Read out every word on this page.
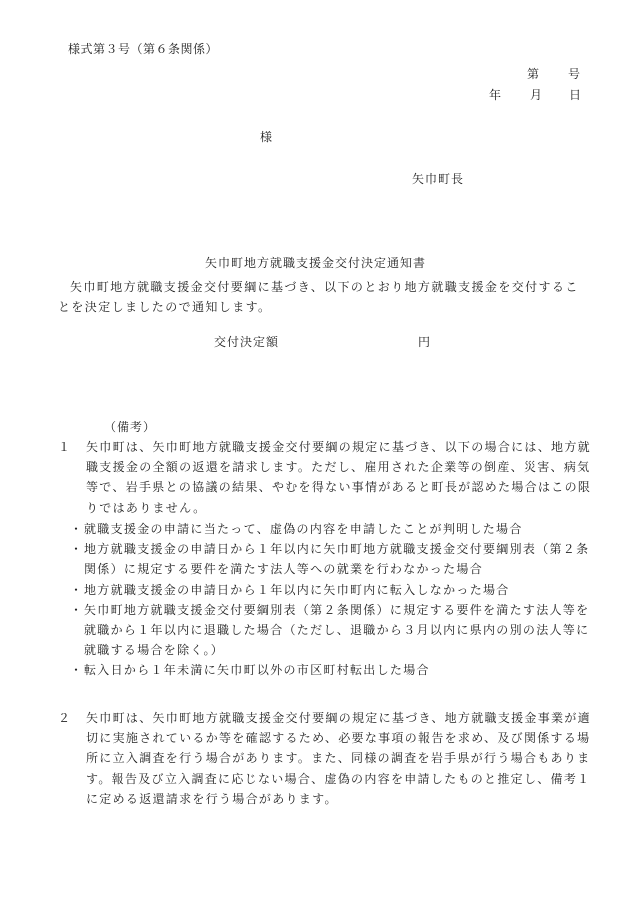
様式第３号（第６条関係）
第 号
年 月 日
様
矢巾町長
矢巾町地方就職支援金交付決定通知書
矢巾町地方就職支援金交付要綱に基づき、以下のとおり地方就職支援金を交付することを決定しましたので通知します。
交付決定額	円
（備考）
１	矢巾町は、矢巾町地方就職支援金交付要綱の規定に基づき、以下の場合には、地方就職支援金の全額の返還を請求します。ただし、雇用された企業等の倒産、災害、病気等で、岩手県との協議の結果、やむを得ない事情があると町長が認めた場合はこの限りではありません。
・ 就職支援金の申請に当たって、虚偽の内容を申請したことが判明した場合
・ 地方就職支援金の申請日から１年以内に矢巾町地方就職支援金交付要綱別表（第２条関係）に規定する要件を満たす法人等への就業を行わなかった場合
・ 地方就職支援金の申請日から１年以内に矢巾町内に転入しなかった場合
・ 矢巾町地方就職支援金交付要綱別表（第２条関係）に規定する要件を満たす法人等を就職から１年以内に退職した場合（ただし、退職から３月以内に県内の別の法人等に就職する場合を除く。）
・ 転入日から１年未満に矢巾町以外の市区町村転出した場合
２	矢巾町は、矢巾町地方就職支援金交付要綱の規定に基づき、地方就職支援金事業が適切に実施されているか等を確認するため、必要な事項の報告を求め、及び関係する場所に立入調査を行う場合があります。また、同様の調査を岩手県が行う場合もあります。報告及び立入調査に応じない場合、虚偽の内容を申請したものと推定し、備考１に定める返還請求を行う場合があります。
